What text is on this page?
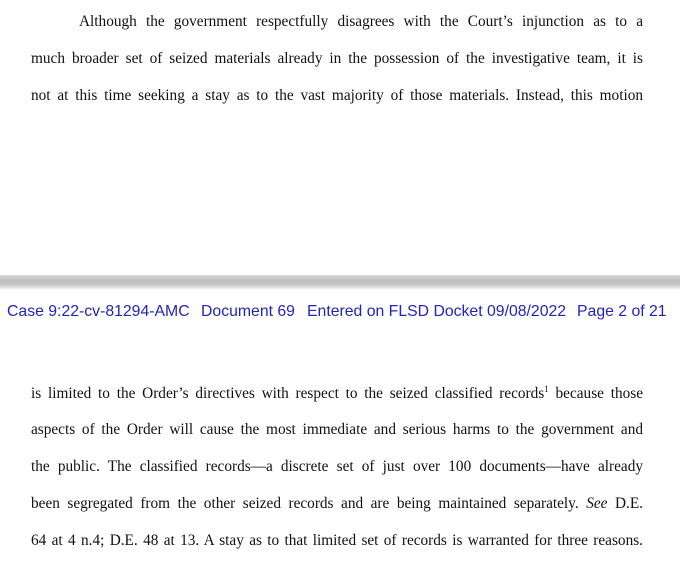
Although the government respectfully disagrees with the Court’s injunction as to a
much broader set of seized materials already in the possession of the investigative team, it is
not at this time seeking a stay as to the vast majority of those materials. Instead, this motion
Case 9:22-cv-81294-AMC Document 69 Entered on FLSD Docket 09/08/2022 Page 2 of 21
is limited to the Order’s directives with respect to the seized classified records$^1$ because those
aspects of the Order will cause the most immediate and serious harms to the government and
the public. The classified records—a discrete set of just over 100 documents—have already
been segregated from the other seized records and are being maintained separately. See D.E.
64 at 4 n.4; D.E. 48 at 13. A stay as to that limited set of records is warranted for three reasons.
